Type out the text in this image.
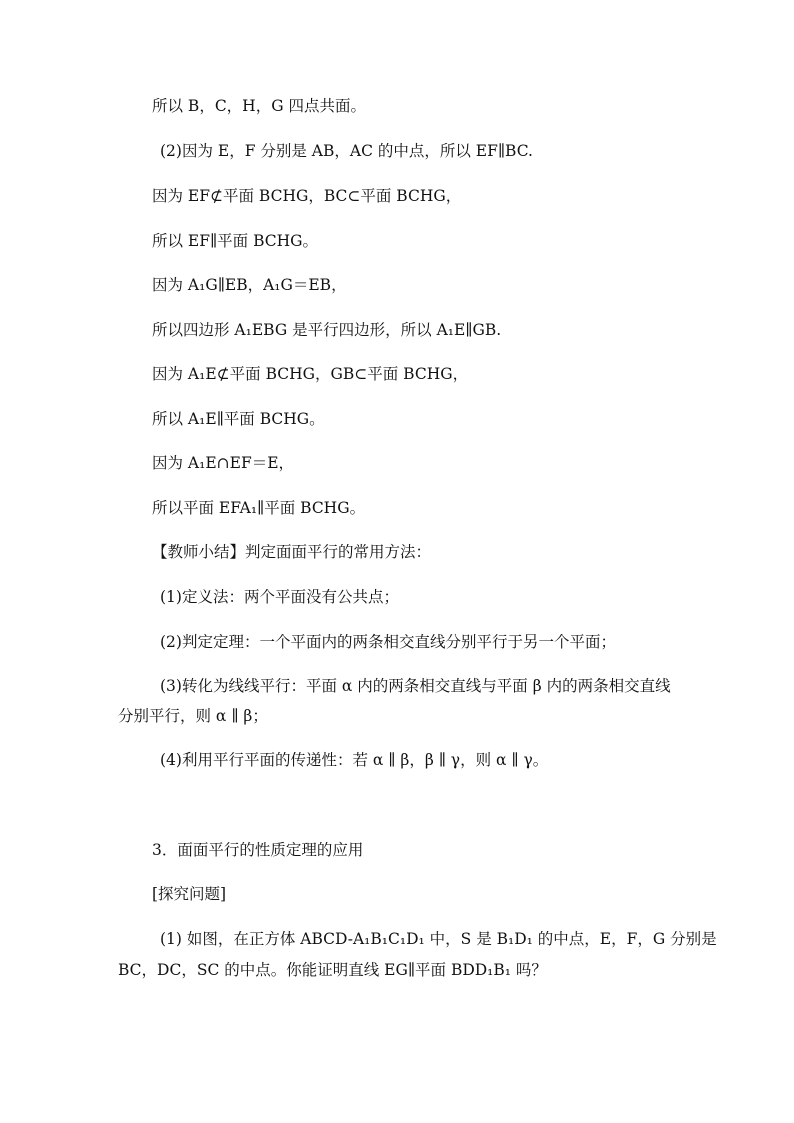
所以 B，C，H，G 四点共面。
(2)因为 E，F 分别是 AB，AC 的中点，所以 EF∥BC.
因为 EF⊄平面 BCHG，BC⊂平面 BCHG，
所以 EF∥平面 BCHG。
因为 A₁G∥EB，A₁G＝EB，
所以四边形 A₁EBG 是平行四边形，所以 A₁E∥GB.
因为 A₁E⊄平面 BCHG，GB⊂平面 BCHG，
所以 A₁E∥平面 BCHG。
因为 A₁E∩EF＝E，
所以平面 EFA₁∥平面 BCHG。
【教师小结】判定面面平行的常用方法：
(1)定义法：两个平面没有公共点；
(2)判定定理：一个平面内的两条相交直线分别平行于另一个平面；
(3)转化为线线平行：平面 α 内的两条相交直线与平面 β 内的两条相交直线
分别平行，则 α ∥ β；
(4)利用平行平面的传递性：若 α ∥ β，β ∥ γ，则 α ∥ γ。
3．面面平行的性质定理的应用
[探究问题]
(1) 如图，在正方体 ABCD-A₁B₁C₁D₁ 中，S 是 B₁D₁ 的中点，E，F，G 分别是
BC，DC，SC 的中点。你能证明直线 EG∥平面 BDD₁B₁ 吗？
